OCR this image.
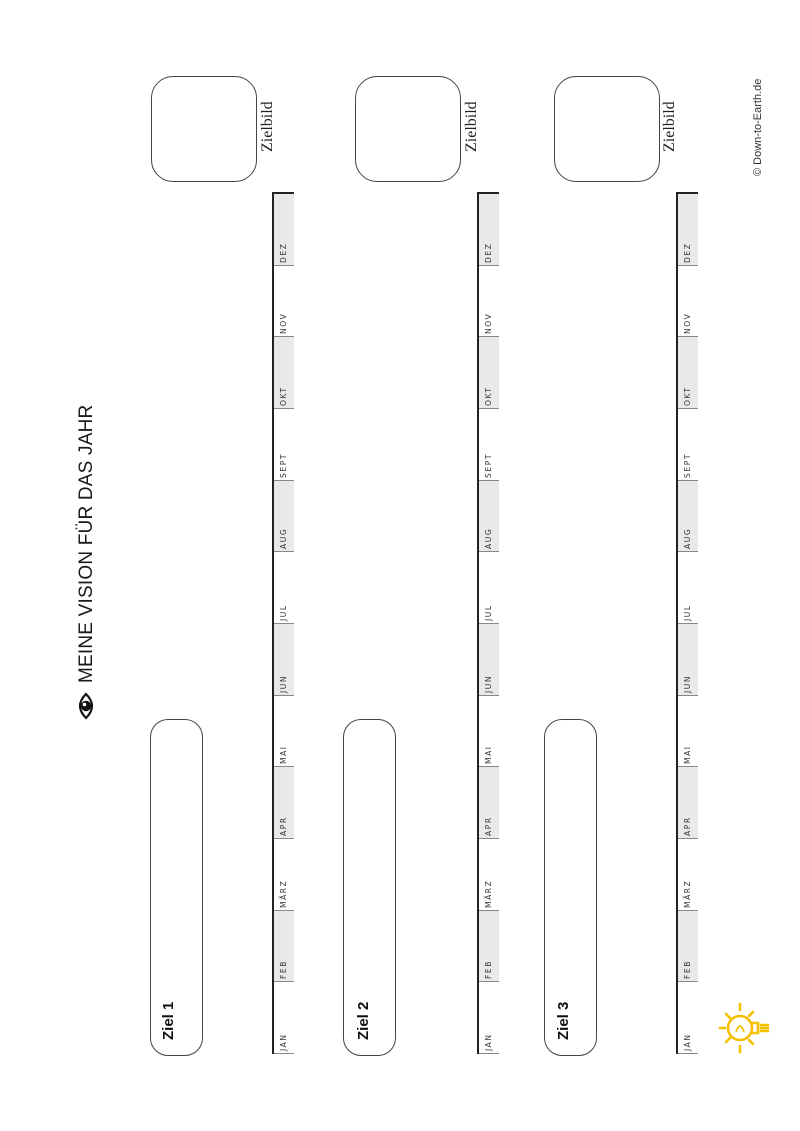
MEINE VISION FÜR DAS JAHR
Ziel 1
JAN
FEB
MÄRZ
APR
MAI
JUN
JUL
AUG
SEPT
OKT
NOV
DEZ
Zielbild
Ziel 2
JAN
FEB
MÄRZ
APR
MAI
JUN
JUL
AUG
SEPT
OKT
NOV
DEZ
Zielbild
Ziel 3
JAN
FEB
MÄRZ
APR
MAI
JUN
JUL
AUG
SEPT
OKT
NOV
DEZ
Zielbild	© Down-to-Earth.de
